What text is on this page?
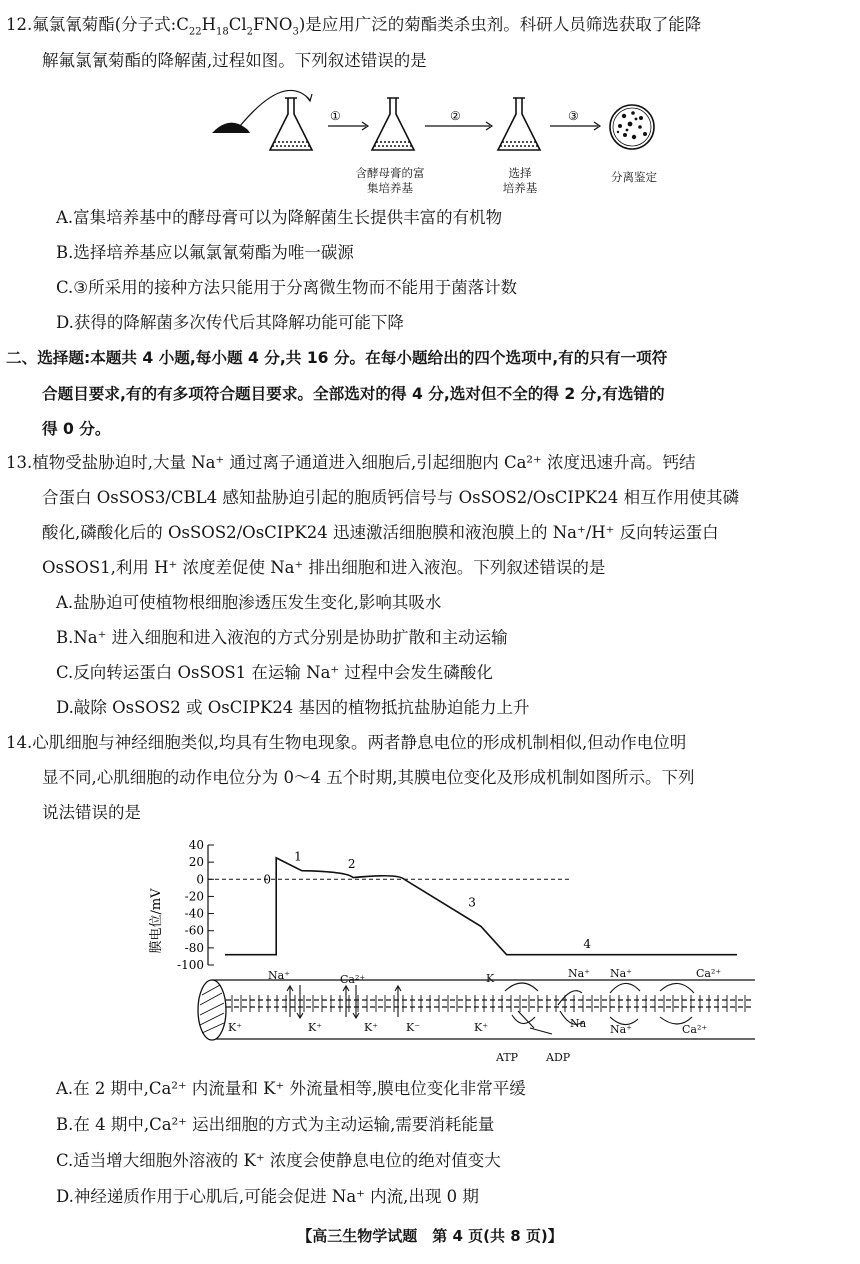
12.氟氯氰菊酯(分子式$:C_{22}H_{18}Cl_2FNO_3$)是应用广泛的菊酯类杀虫剂。科研人员筛选获取了能降
解氟氯氰菊酯的降解菌,过程如图。下列叙述错误的是
①	②	③
含酵母膏的富
集培养基
选择
培养基
分离鉴定
A.富集培养基中的酵母膏可以为降解菌生长提供丰富的有机物
B.选择培养基应以氟氯氰菊酯为唯一碳源
C.③所采用的接种方法只能用于分离微生物而不能用于菌落计数
D.获得的降解菌多次传代后其降解功能可能下降
二、选择题:本题共 4 小题,每小题 4 分,共 16 分。在每小题给出的四个选项中,有的只有一项符
合题目要求,有的有多项符合题目要求。全部选对的得 4 分,选对但不全的得 2 分,有选错的
得 0 分。
13.植物受盐胁迫时,大量 Na⁺ 通过离子通道进入细胞后,引起细胞内 Ca²⁺ 浓度迅速升高。钙结
合蛋白 OsSOS3/CBL4 感知盐胁迫引起的胞质钙信号与 OsSOS2/OsCIPK24 相互作用使其磷
酸化,磷酸化后的 OsSOS2/OsCIPK24 迅速激活细胞膜和液泡膜上的 Na⁺/H⁺ 反向转运蛋白
OsSOS1,利用 H⁺ 浓度差促使 Na⁺ 排出细胞和进入液泡。下列叙述错误的是
A.盐胁迫可使植物根细胞渗透压发生变化,影响其吸水
B.Na⁺ 进入细胞和进入液泡的方式分别是协助扩散和主动运输
C.反向转运蛋白 OsSOS1 在运输 Na⁺ 过程中会发生磷酸化
D.敲除 OsSOS2 或 OsCIPK24 基因的植物抵抗盐胁迫能力上升
14.心肌细胞与神经细胞类似,均具有生物电现象。两者静息电位的形成机制相似,但动作电位明
显不同,心肌细胞的动作电位分为 0～4 五个时期,其膜电位变化及形成机制如图所示。下列
说法错误的是
膜电位/mV
40
20
0
-20
-40
-60
-80
-100
0
1
2
3
4
Na⁺	Ca²⁺	K	Na⁺ Na⁺	Ca²⁺
K⁺	K⁺	K⁺	K⁻	K⁺	Na Na⁺	Ca²⁺
ATP	ADP
A.在 2 期中,Ca²⁺ 内流量和 K⁺ 外流量相等,膜电位变化非常平缓
B.在 4 期中,Ca²⁺ 运出细胞的方式为主动运输,需要消耗能量
C.适当增大细胞外溶液的 K⁺ 浓度会使静息电位的绝对值变大
D.神经递质作用于心肌后,可能会促进 Na⁺ 内流,出现 0 期
【高三生物学试题　第 4 页(共 8 页)】
